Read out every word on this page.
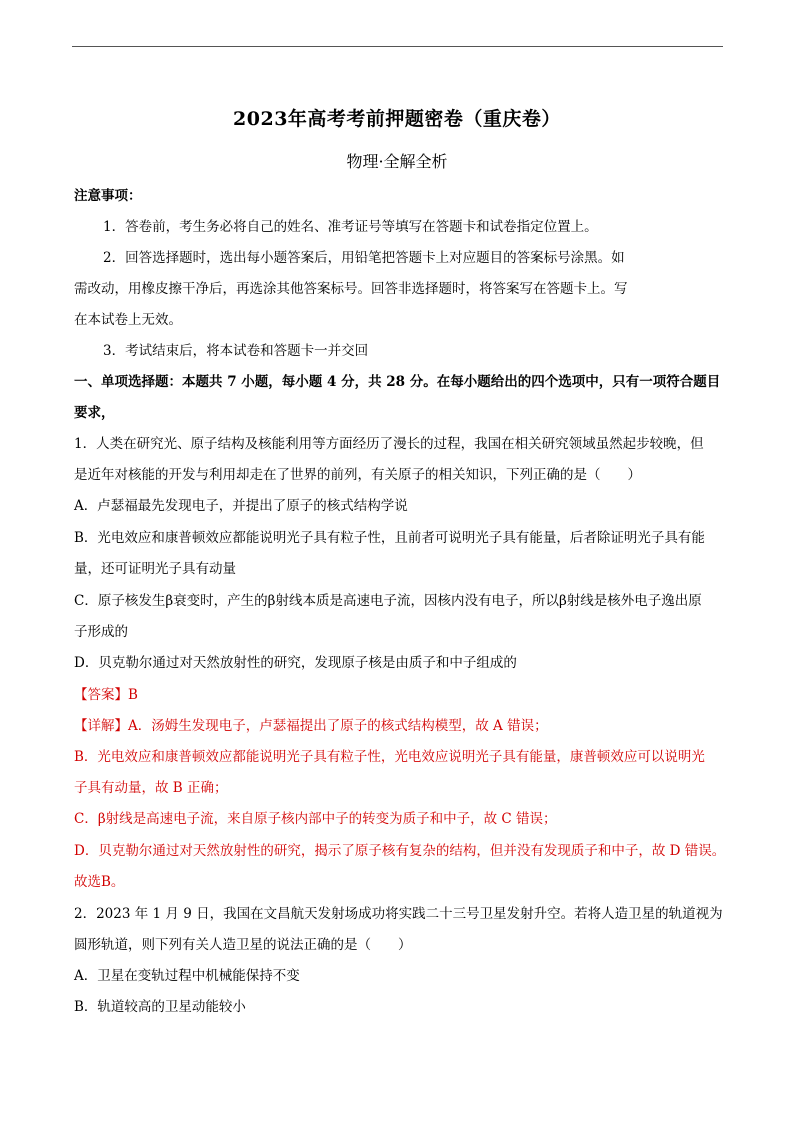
2023年高考考前押题密卷（重庆卷）
物理·全解全析
注意事项：
1．答卷前，考生务必将自己的姓名、准考证号等填写在答题卡和试卷指定位置上。
2．回答选择题时，选出每小题答案后，用铅笔把答题卡上对应题目的答案标号涂黑。如
需改动，用橡皮擦干净后，再选涂其他答案标号。回答非选择题时，将答案写在答题卡上。写
在本试卷上无效。
3．考试结束后，将本试卷和答题卡一并交回
一、单项选择题：本题共 7 小题，每小题 4 分，共 28 分。在每小题给出的四个选项中，只有一项符合题目
要求，
1．人类在研究光、原子结构及核能利用等方面经历了漫长的过程，我国在相关研究领域虽然起步较晚，但
是近年对核能的开发与利用却走在了世界的前列，有关原子的相关知识，下列正确的是（　　）
A．卢瑟福最先发现电子，并提出了原子的核式结构学说
B．光电效应和康普顿效应都能说明光子具有粒子性，且前者可说明光子具有能量，后者除证明光子具有能
量，还可证明光子具有动量
C．原子核发生β衰变时，产生的β射线本质是高速电子流，因核内没有电子，所以β射线是核外电子逸出原
子形成的
D．贝克勒尔通过对天然放射性的研究，发现原子核是由质子和中子组成的
【答案】B
【详解】A．汤姆生发现电子，卢瑟福提出了原子的核式结构模型，故 A 错误；
B．光电效应和康普顿效应都能说明光子具有粒子性，光电效应说明光子具有能量，康普顿效应可以说明光
子具有动量，故 B 正确；
C．β射线是高速电子流，来自原子核内部中子的转变为质子和中子，故 C 错误；
D．贝克勒尔通过对天然放射性的研究，揭示了原子核有复杂的结构，但并没有发现质子和中子，故 D 错误。
故选B。
2．2023 年 1 月 9 日，我国在文昌航天发射场成功将实践二十三号卫星发射升空。若将人造卫星的轨道视为
圆形轨道，则下列有关人造卫星的说法正确的是（　　）
A．卫星在变轨过程中机械能保持不变
B．轨道较高的卫星动能较小
